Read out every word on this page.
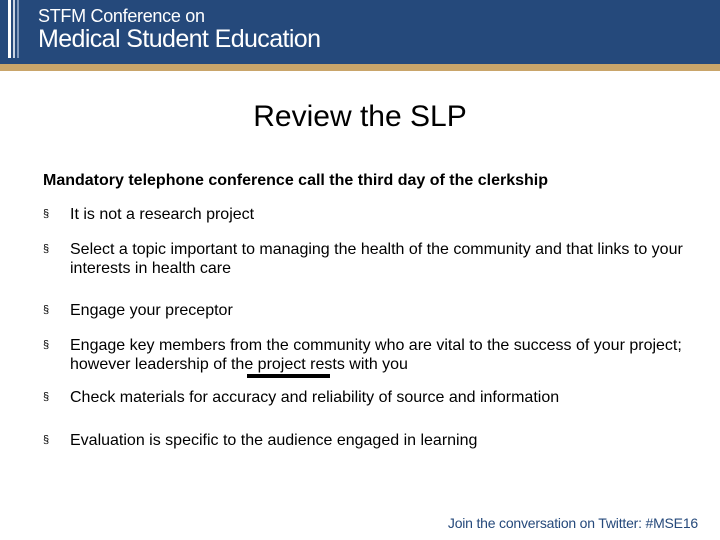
STFM Conference on
Medical Student Education
Review the SLP
Mandatory telephone conference call the third day of the clerkship
§ It is not a research project
§ Select a topic important to managing the health of the community and that links to your interests in health care
§ Engage your preceptor
§ Engage key members from the community who are vital to the success of your project; however leadership of the project rests with you
§ Check materials for accuracy and reliability of source and information
§ Evaluation is specific to the audience engaged in learning
Join the conversation on Twitter: #MSE16
